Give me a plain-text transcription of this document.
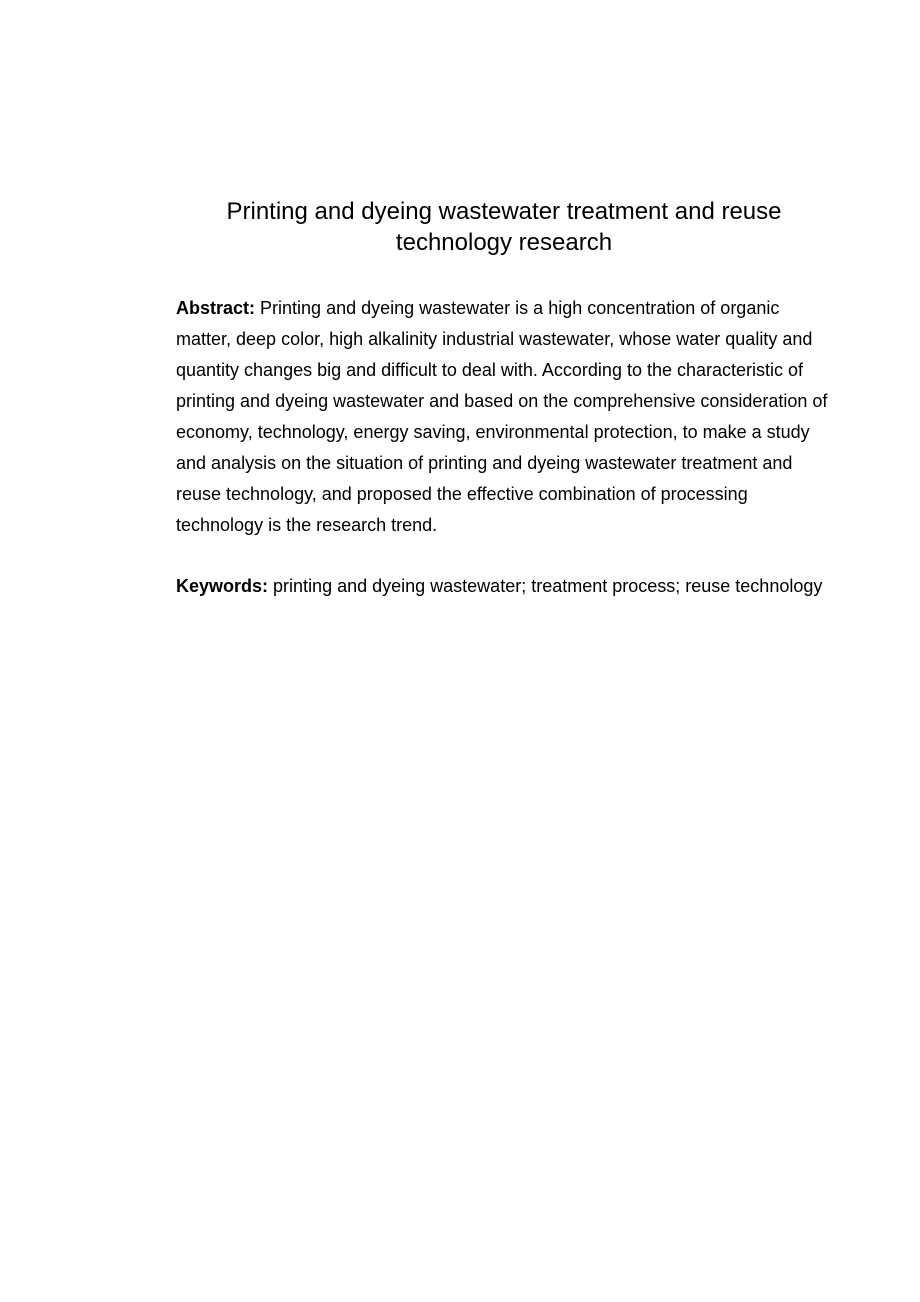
Printing and dyeing wastewater treatment and reuse technology research

Abstract: Printing and dyeing wastewater is a high concentration of organic matter, deep color, high alkalinity industrial wastewater, whose water quality and quantity changes big and difficult to deal with. According to the characteristic of printing and dyeing wastewater and based on the comprehensive consideration of economy, technology, energy saving, environmental protection, to make a study and analysis on the situation of printing and dyeing wastewater treatment and reuse technology, and proposed the effective combination of processing technology is the research trend.

Keywords: printing and dyeing wastewater; treatment process; reuse technology
